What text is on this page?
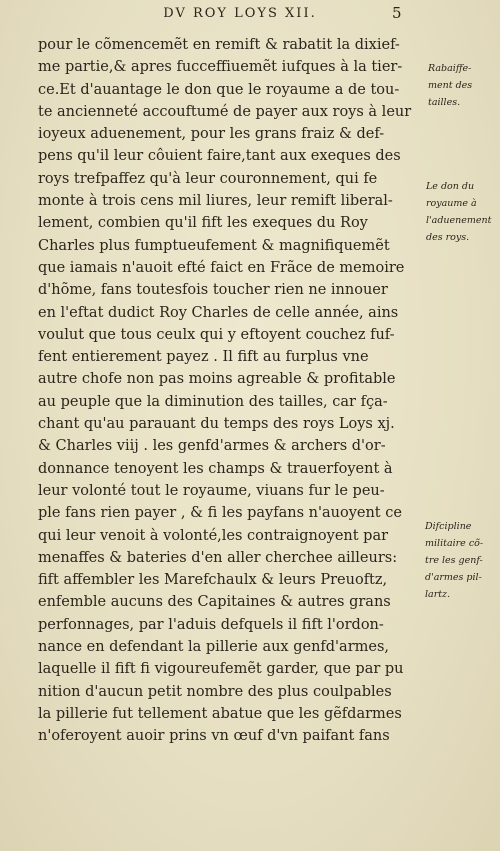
DV ROY LOYS XII.	5
pour le cõmencemẽt en remift & rabatit la dixief-
me partie,& apres fucceffiuemẽt iufques à la tier-
ce.Et d'auantage le don que le royaume a de tou-
te ancienneté accouftumé de payer aux roys à leur
ioyeux aduenement, pour les grans fraiz & def-
pens qu'il leur côuient faire,tant aux exeques des
roys trefpaffez qu'à leur couronnement, qui fe
monte à trois cens mil liures, leur remift liberal-
lement, combien qu'il fift les exeques du Roy
Charles plus fumptueufement & magnifiquemẽt
que iamais n'auoit efté faict en Frãce de memoire
d'hõme, fans toutesfois toucher rien ne innouer
en l'eftat dudict Roy Charles de celle année, ains
voulut que tous ceulx qui y eftoyent couchez fuf-
fent entierement payez . Il fift au furplus vne
autre chofe non pas moins agreable & profitable
au peuple que la diminution des tailles, car fça-
chant qu'au parauant du temps des roys Loys xj.
& Charles viij . les genfd'armes & archers d'or-
donnance tenoyent les champs & trauerfoyent à
leur volonté tout le royaume, viuans fur le peu-
ple fans rien payer , & fi les payfans n'auoyent ce
qui leur venoit à volonté,les contraignoyent par
menaffes & bateries d'en aller cherchee ailleurs:
fift affembler les Marefchaulx & leurs Preuoftz,
enfemble aucuns des Capitaines & autres grans
perfonnages, par l'aduis defquels il fift l'ordon-
nance en defendant la pillerie aux genfd'armes,
laquelle il fift fi vigoureufemẽt garder, que par pu
nition d'aucun petit nombre des plus coulpables
la pillerie fut tellement abatue que les gẽfdarmes
n'oferoyent auoir prins vn œuf d'vn paifant fans
Rabaiffe-
ment des
tailles.
Le don du
royaume à
l'aduenement
des roys.
Difcipline
militaire cõ-
tre les genf-
d'armes pil-
lartz.
